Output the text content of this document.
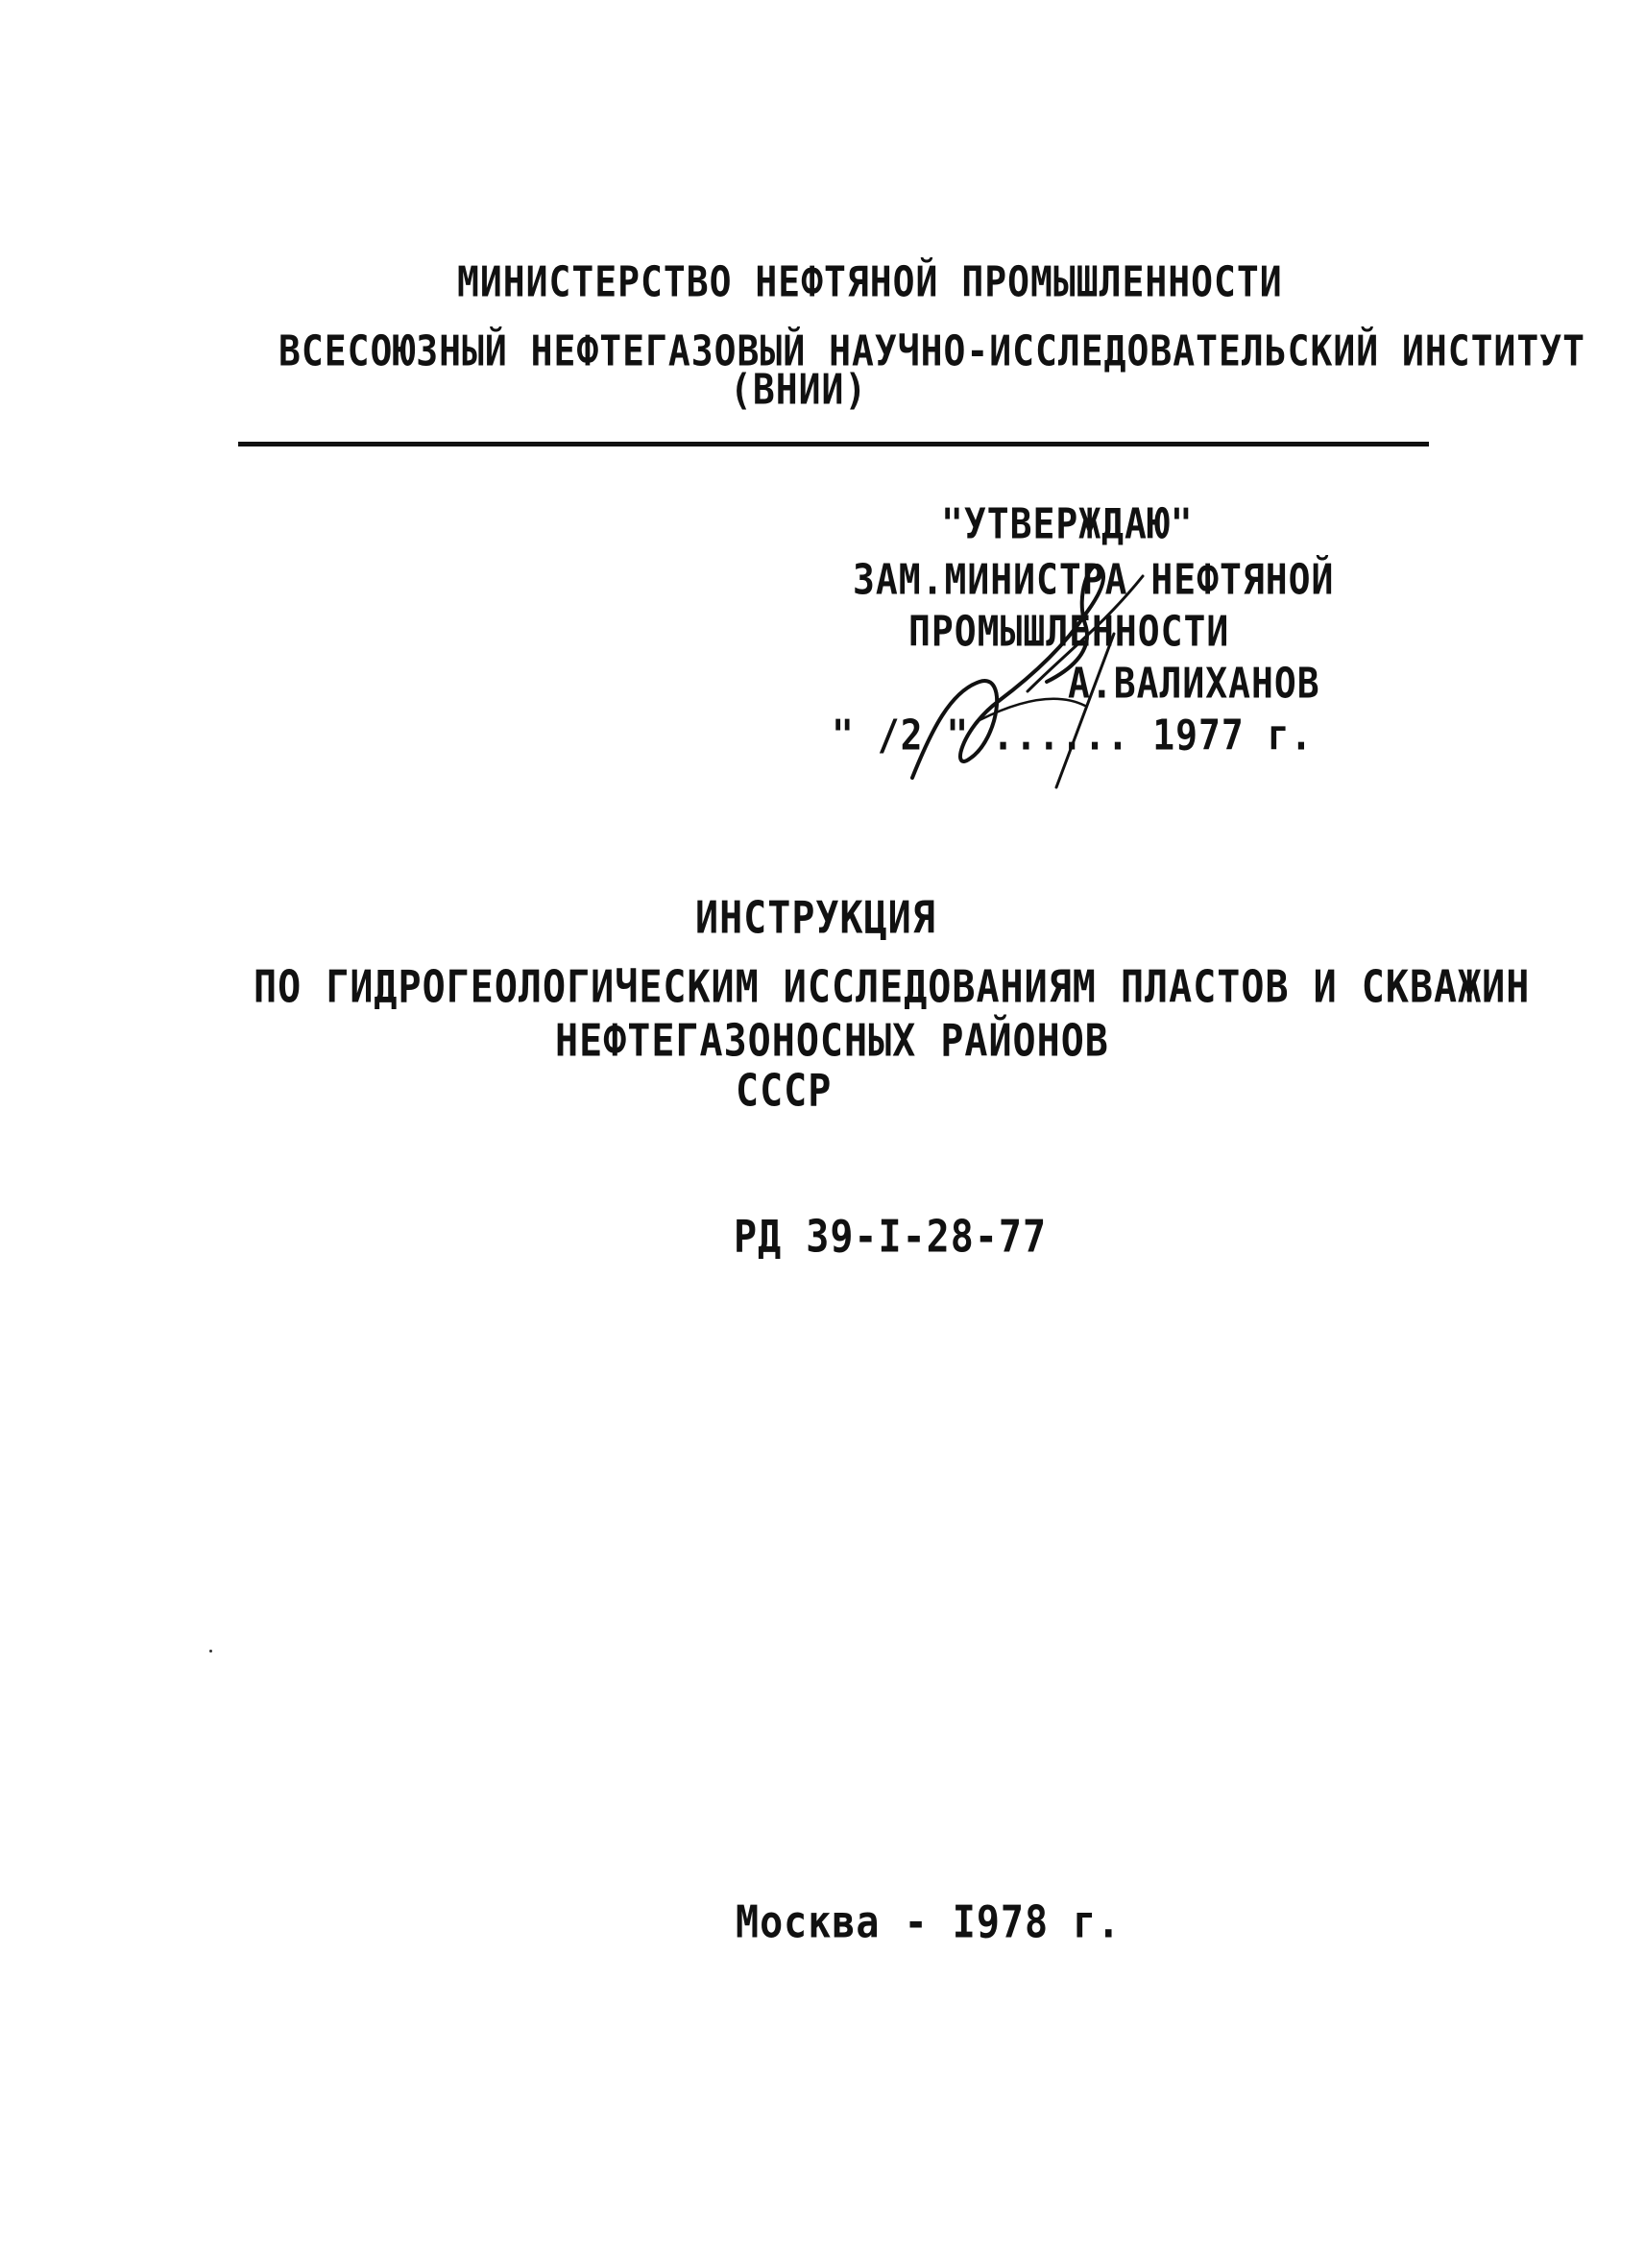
МИНИСТЕРСТВО НЕФТЯНОЙ ПРОМЫШЛЕННОСТИ
ВСЕСОЮЗНЫЙ НЕФТЕГАЗОВЫЙ НАУЧНО-ИССЛЕДОВАТЕЛЬСКИЙ ИНСТИТУТ
(ВНИИ)
"УТВЕРЖДАЮ"
ЗАМ.МИНИСТРА НЕФТЯНОЙ
ПРОМЫШЛЕННОСТИ
А.ВАЛИХАНОВ
" /2 " ...... 1977 г.
ИНСТРУКЦИЯ
ПО ГИДРОГЕОЛОГИЧЕСКИМ ИССЛЕДОВАНИЯМ ПЛАСТОВ И СКВАЖИН
НЕФТЕГАЗОНОСНЫХ РАЙОНОВ
СССР
РД 39-I-28-77
Москва - I978 г.
